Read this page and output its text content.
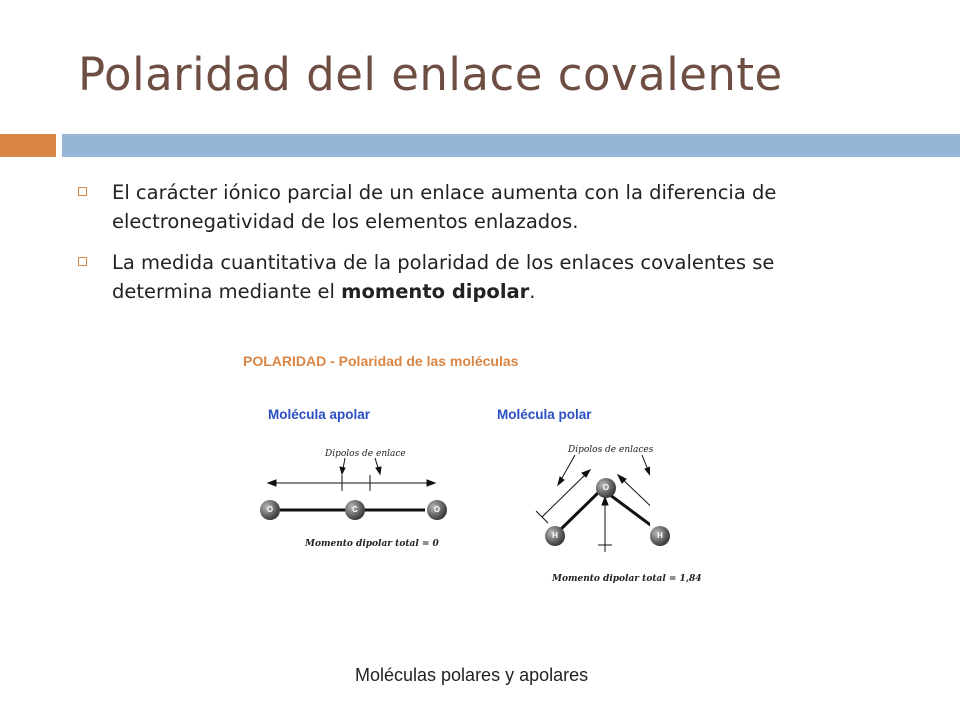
Polaridad del enlace covalente
El carácter iónico parcial de un enlace aumenta con la diferencia de electronegatividad de los elementos enlazados.
La medida cuantitativa de la polaridad de los enlaces covalentes se determina mediante el momento dipolar.
POLARIDAD - Polaridad de las moléculas
Molécula apolar	Molécula polar
Dipolos de enlace
O	C	O
Momento dipolar total = 0
Dipolos de enlaces
O
H	H
Momento dipolar total = 1,84
Moléculas polares y apolares
